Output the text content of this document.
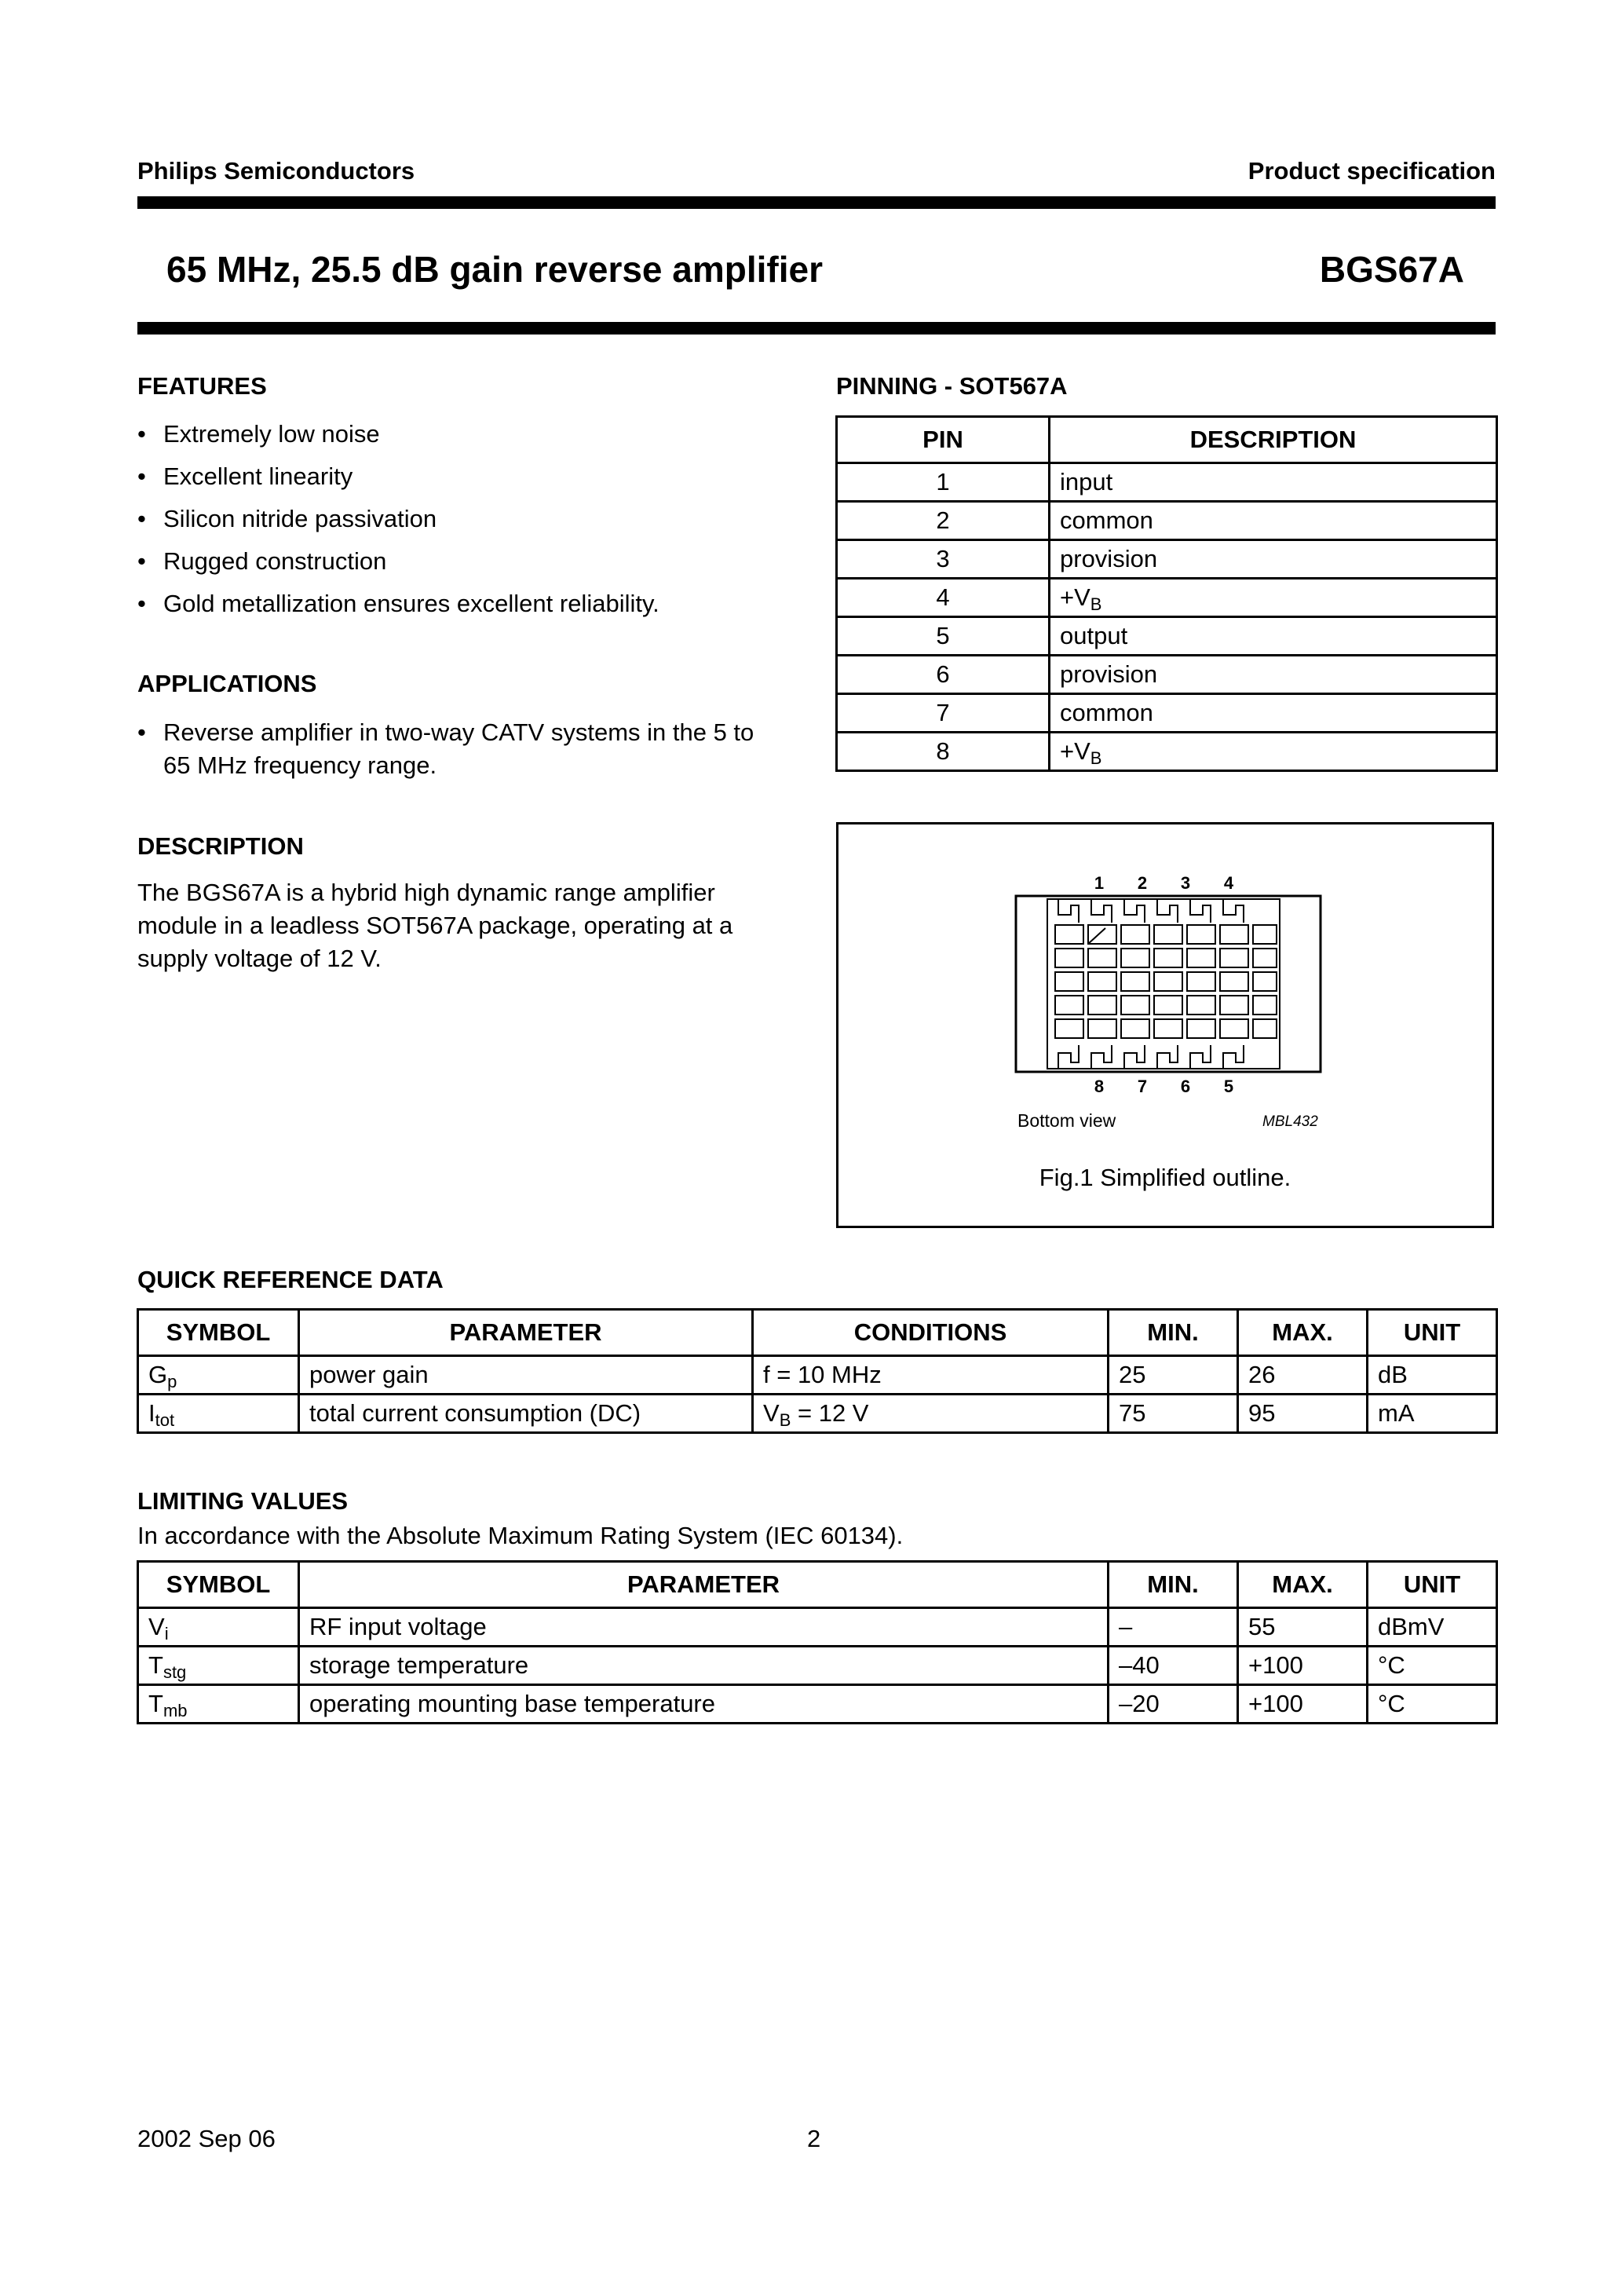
Philips Semiconductors	Product specification
65 MHz, 25.5 dB gain reverse amplifier	BGS67A
FEATURES
• Extremely low noise
• Excellent linearity
• Silicon nitride passivation
• Rugged construction
• Gold metallization ensures excellent reliability.
APPLICATIONS
• Reverse amplifier in two-way CATV systems in the 5 to 65 MHz frequency range.
DESCRIPTION
The BGS67A is a hybrid high dynamic range amplifier module in a leadless SOT567A package, operating at a supply voltage of 12 V.
PINNING - SOT567A
PIN	DESCRIPTION
1	input
2	common
3	provision
4	$+V_B$
5	output
6	provision
7	common
8	$+V_B$
1 2 3 4
8 7 6 5
Bottom view	MBL432
Fig.1 Simplified outline.
QUICK REFERENCE DATA
SYMBOL	PARAMETER	CONDITIONS	MIN.	MAX.	UNIT
$G_p$	power gain	f = 10 MHz	25	26	dB
$I_{tot}$	total current consumption (DC)	$V_B = 12$ V	75	95	mA
LIMITING VALUES
In accordance with the Absolute Maximum Rating System (IEC 60134).
SYMBOL	PARAMETER	MIN.	MAX.	UNIT
$V_i$	RF input voltage	–	55	dBmV
$T_{stg}$	storage temperature	–40	+100	°C
$T_{mb}$	operating mounting base temperature	–20	+100	°C
2002 Sep 06	2
